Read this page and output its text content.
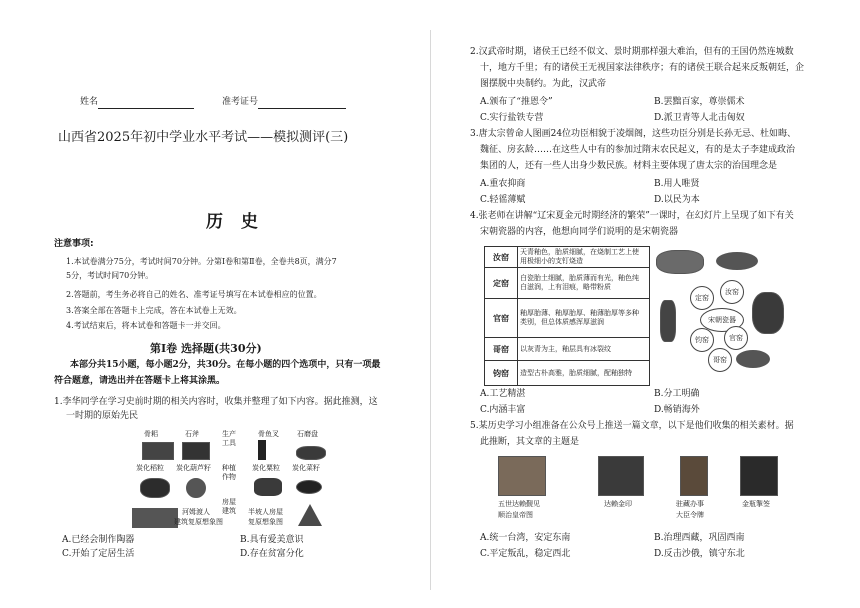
姓名	准考证号
山西省2025年初中学业水平考试——模拟测评(三)
历 史
注意事项:
1.本试卷满分75分，考试时间70分钟。分第Ⅰ卷和第Ⅱ卷，全卷共8页，满分7
5分，考试时间70分钟。
2.答题前，考生务必将自己的姓名、准考证号填写在本试卷相应的位置。
3.答案全部在答题卡上完成，答在本试卷上无效。
4.考试结束后，将本试卷和答题卡一并交回。
第Ⅰ卷 选择题(共30分)
本部分共15小题，每小题2分，共30分。在每小题的四个选项中，只有一项最
符合题意，请选出并在答题卡上将其涂黑。
1.李华同学在学习史前时期的相关内容时，收集并整理了如下内容。据此推测，这
一时期的原始先民
骨耜	石斧	生产工具
骨鱼叉	石磨盘
炭化稻粒 炭化葫芦籽 种植作物
炭化粟粒 炭化菜籽
房屋建筑
河姆渡人
建筑复原想象图
半坡人房屋
复原想象图
A.已经会制作陶器	B.具有爱美意识
C.开始了定居生活	D.存在贫富分化
2.汉武帝时期，诸侯王已经不似文、景时期那样强大难治，但有的王国仍然连城数
十，地方千里；有的诸侯王无视国家法律秩序；有的诸侯王联合起来反叛朝廷，企
图摆脱中央制约。为此，汉武帝
A.颁布了“推恩令”	B.罢黜百家，尊崇儒术
C.实行盐铁专营	D.派卫青等人北击匈奴
3.唐太宗曾命人图画24位功臣相貌于凌烟阁，这些功臣分别是长孙无忌、杜如晦、
魏征、房玄龄……在这些人中有的参加过隋末农民起义，有的是太子李建成政治
集团的人，还有一些人出身少数民族。材料主要体现了唐太宗的治国理念是
A.重农抑商	B.用人唯贤
C.轻徭薄赋	D.以民为本
4.张老师在讲解“辽宋夏金元时期经济的繁荣”一课时，在幻灯片上呈现了如下有关
宋朝瓷器的内容，他想向同学们说明的是宋朝瓷器
汝窑	天青釉色，胎质细腻，在烧制工艺上使
用极细小的支钉烧造

定窑	白瓷胎土细腻，胎质薄而有光，釉色纯
白滋润，上有泪痕，略带粉质

官窑	釉厚胎薄、釉厚胎厚、釉薄胎厚等多种
类别，但总体质感浑厚滋润

哥窑	以灰青为主，釉层具有冰裂纹

钧窑	造型古朴高雅，胎质细腻，配釉独特
定窑
汝窑
宋朝瓷器
官窑
钧窑
哥窑
A.工艺精湛	B.分工明确
C.内涵丰富	D.畅销海外
5.某历史学习小组准备在公众号上推送一篇文章，以下是他们收集的相关素材。据
此推断，其文章的主题是
五世达赖觐见
顺治皇帝图
达赖金印	驻藏办事
大臣令牌
金瓶掣签
A.统一台湾，安定东南	B.治理西藏，巩固西南
C.平定叛乱，稳定西北	D.反击沙俄，镇守东北
